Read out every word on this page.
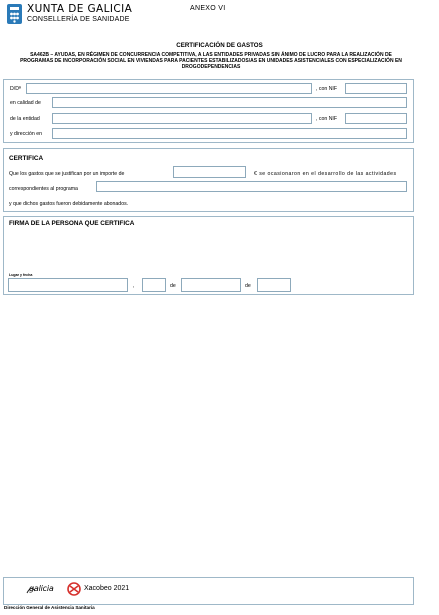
XUNTA DE GALICIA
CONSELLERÍA DE SANIDADE
ANEXO VI
CERTIFICACIÓN DE GASTOS
SA462B – AYUDAS, EN RÉGIMEN DE CONCURRENCIA COMPETITIVA, A LAS ENTIDADES PRIVADAS SIN ÁNIMO DE LUCRO PARA LA REALIZACIÓN DE PROGRAMAS DE INCORPORACIÓN SOCIAL EN VIVIENDAS PARA PACIENTES ESTABILIZADOS/AS EN UNIDADES ASISTENCIALES CON ESPECIALIZACIÓN EN DROGODEPENDENCIAS
D/Dª	, con NIF
en calidad de
de la entidad	, con NIF
y dirección en
CERTIFICA
Que los gastos que se justifican por un importe de	€ se ocasionaron en el desarrollo de las actividades
correspondientes al programa
y que dichos gastos fueron debidamente abonados.
FIRMA DE LA PERSONA QUE CERTIFICA
Lugar y fecha
,	de	de
galicia	Xacobeo 2021
Dirección General de Asistencia Sanitaria
